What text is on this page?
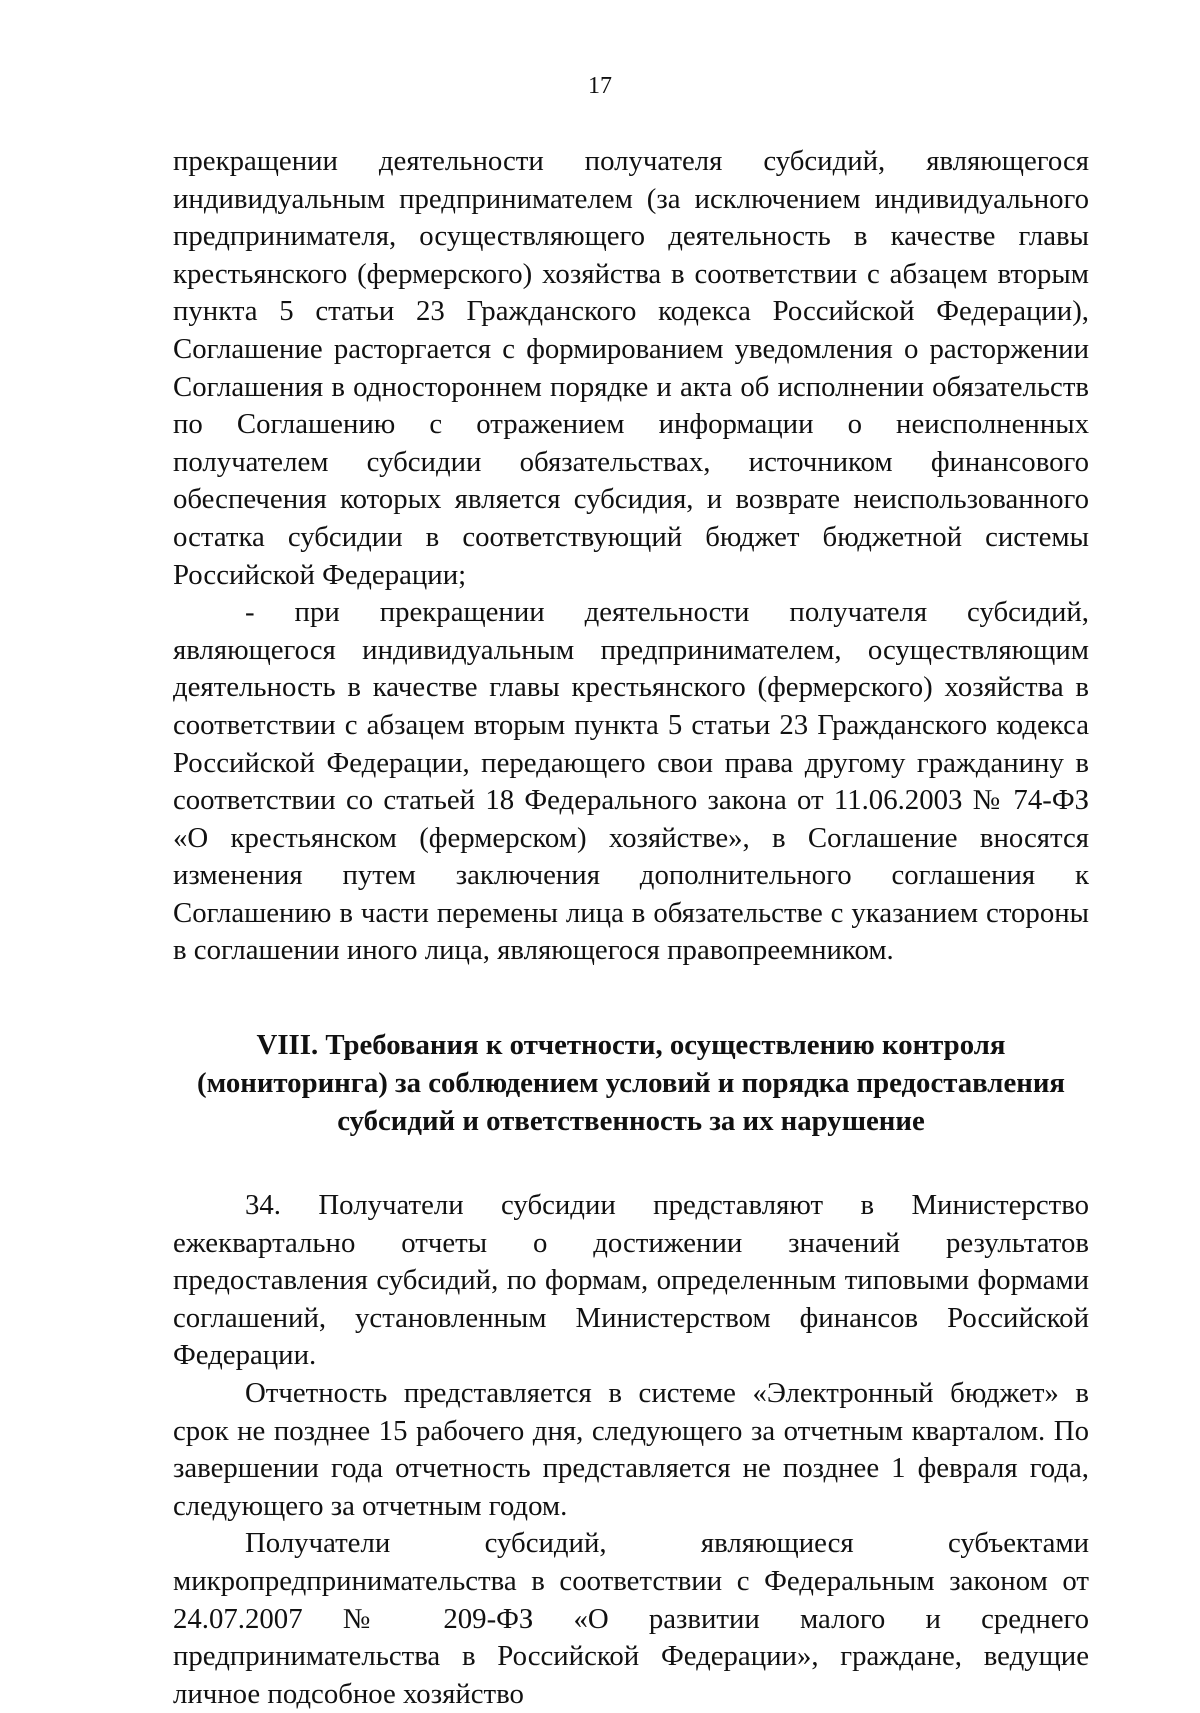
17

прекращении деятельности получателя субсидий, являющегося индивидуальным предпринимателем (за исключением индивидуального предпринимателя, осуществляющего деятельность в качестве главы крестьянского (фермерского) хозяйства в соответствии с абзацем вторым пункта 5 статьи 23 Гражданского кодекса Российской Федерации), Соглашение расторгается с формированием уведомления о расторжении Соглашения в одностороннем порядке и акта об исполнении обязательств по Соглашению с отражением информации о неисполненных получателем субсидии обязательствах, источником финансового обеспечения которых является субсидия, и возврате неиспользованного остатка субсидии в соответствующий бюджет бюджетной системы Российской Федерации;

- при прекращении деятельности получателя субсидий, являющегося индивидуальным предпринимателем, осуществляющим деятельность в качестве главы крестьянского (фермерского) хозяйства в соответствии с абзацем вторым пункта 5 статьи 23 Гражданского кодекса Российской Федерации, передающего свои права другому гражданину в соответствии со статьей 18 Федерального закона от 11.06.2003 № 74-ФЗ «О крестьянском (фермерском) хозяйстве», в Соглашение вносятся изменения путем заключения дополнительного соглашения к Соглашению в части перемены лица в обязательстве с указанием стороны в соглашении иного лица, являющегося правопреемником.

VIII. Требования к отчетности, осуществлению контроля
(мониторинга) за соблюдением условий и порядка предоставления
субсидий и ответственность за их нарушение

34. Получатели субсидии представляют в Министерство ежеквартально отчеты о достижении значений результатов предоставления субсидий, по формам, определенным типовыми формами соглашений, установленным Министерством финансов Российской Федерации.

Отчетность представляется в системе «Электронный бюджет» в срок не позднее 15 рабочего дня, следующего за отчетным кварталом. По завершении года отчетность представляется не позднее 1 февраля года, следующего за отчетным годом.

Получатели субсидий, являющиеся субъектами микропредпринимательства в соответствии с Федеральным законом от 24.07.2007 № 209-ФЗ «О развитии малого и среднего предпринимательства в Российской Федерации», граждане, ведущие личное подсобное хозяйство
